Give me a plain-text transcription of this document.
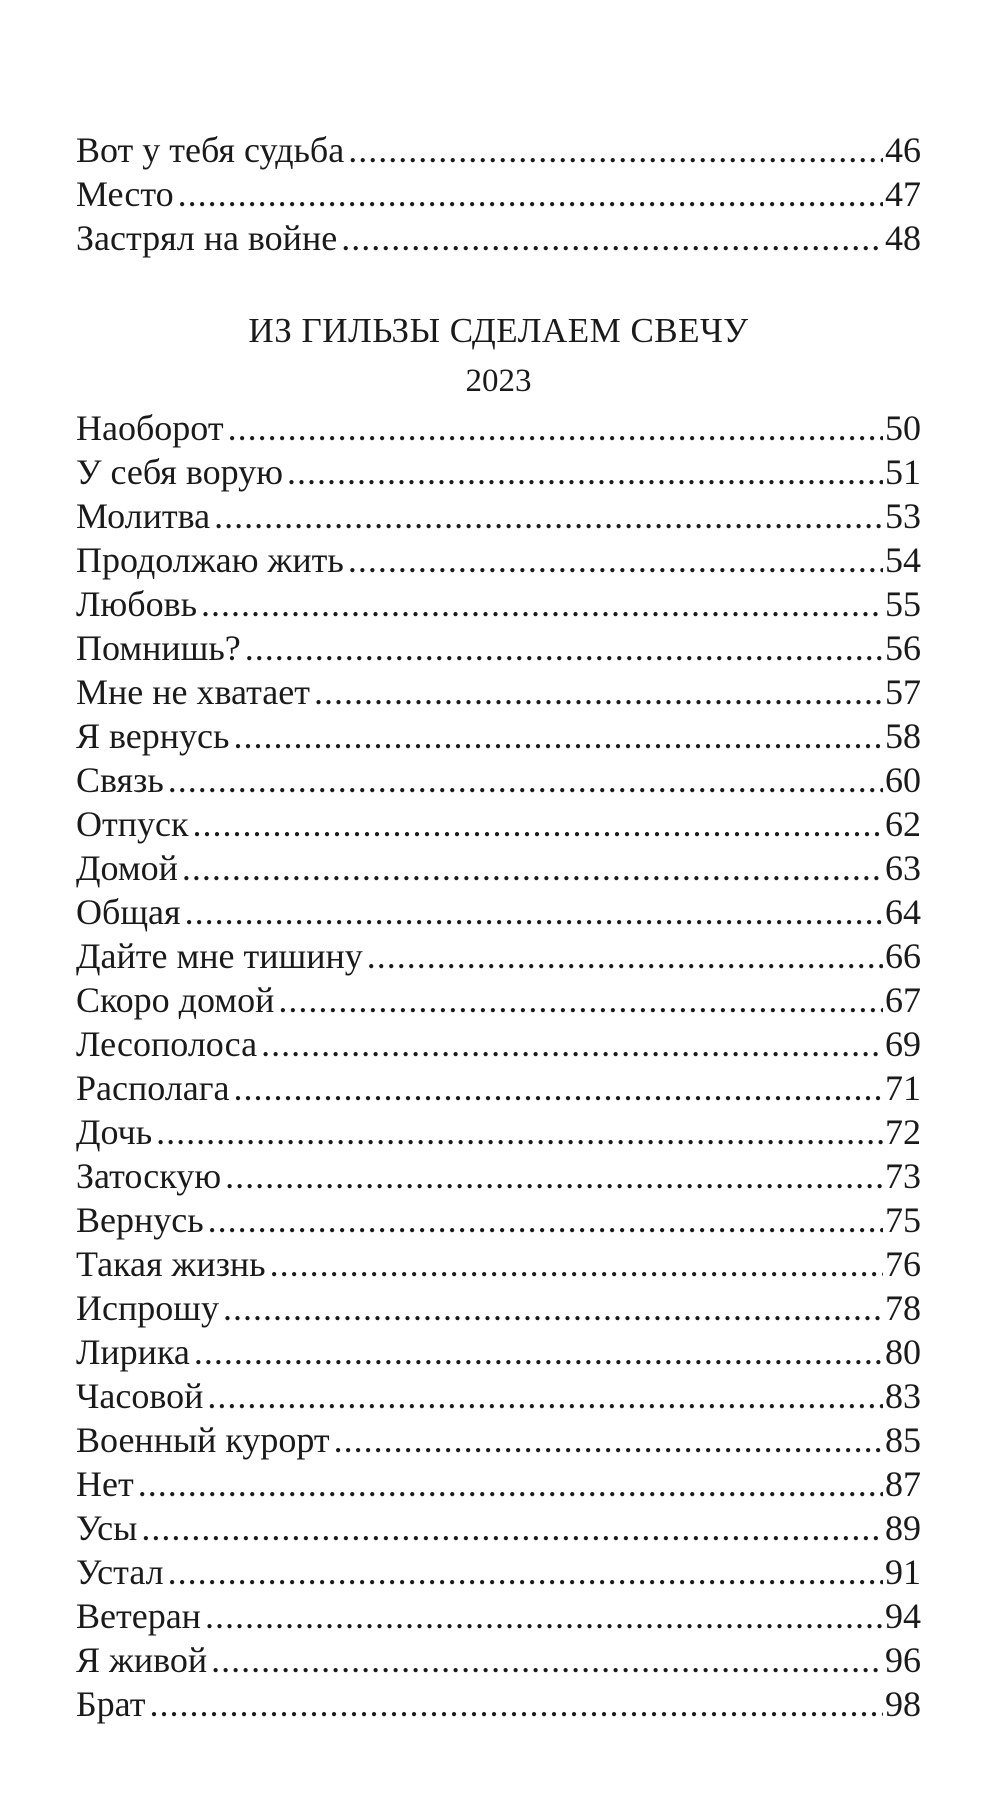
Вот у тебя судьба .....	46
Место .....	47
Застрял на войне .....	48
ИЗ ГИЛЬЗЫ СДЕЛАЕМ СВЕЧУ
2023
Наоборот .....	50
У себя ворую .....	51
Молитва .....	53
Продолжаю жить .....	54
Любовь .....	55
Помнишь? .....	56
Мне не хватает .....	57
Я вернусь .....	58
Связь .....	60
Отпуск .....	62
Домой .....	63
Общая .....	64
Дайте мне тишину .....	66
Скоро домой .....	67
Лесополоса .....	69
Располага .....	71
Дочь .....	72
Затоскую .....	73
Вернусь .....	75
Такая жизнь .....	76
Испрошу .....	78
Лирика .....	80
Часовой .....	83
Военный курорт .....	85
Нет .....	87
Усы .....	89
Устал .....	91
Ветеран .....	94
Я живой .....	96
Брат .....	98
